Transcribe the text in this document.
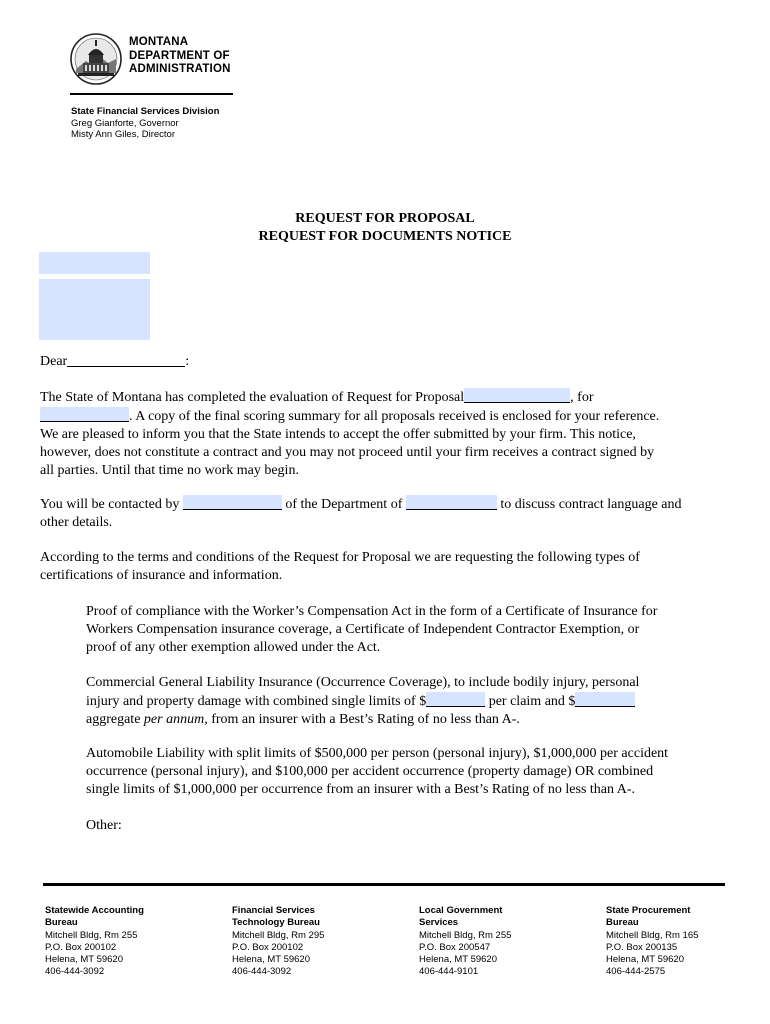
MONTANA
DEPARTMENT OF
ADMINISTRATION
State Financial Services Division
Greg Gianforte, Governor
Misty Ann Giles, Director
REQUEST FOR PROPOSAL
REQUEST FOR DOCUMENTS NOTICE

Dear	:

The State of Montana has completed the evaluation of Request for Proposal	, for
. A copy of the final scoring summary for all proposals received is enclosed for your reference.
We are pleased to inform you that the State intends to accept the offer submitted by your firm. This notice,
however, does not constitute a contract and you may not proceed until your firm receives a contract signed by
all parties. Until that time no work may begin.
You will be contacted by	of the Department of	to discuss contract language and
other details.
According to the terms and conditions of the Request for Proposal we are requesting the following types of
certifications of insurance and information.
Proof of compliance with the Worker’s Compensation Act in the form of a Certificate of Insurance for
Workers Compensation insurance coverage, a Certificate of Independent Contractor Exemption, or
proof of any other exemption allowed under the Act.
Commercial General Liability Insurance (Occurrence Coverage), to include bodily injury, personal
injury and property damage with combined single limits of $	per claim and $
aggregate per annum, from an insurer with a Best’s Rating of no less than A-.
Automobile Liability with split limits of $500,000 per person (personal injury), $1,000,000 per accident
occurrence (personal injury), and $100,000 per accident occurrence (property damage) OR combined
single limits of $1,000,000 per occurrence from an insurer with a Best’s Rating of no less than A-.
Other:
Statewide Accounting
Bureau
Mitchell Bldg, Rm 255
P.O. Box 200102
Helena, MT 59620
406-444-3092
Financial Services
Technology Bureau
Mitchell Bldg, Rm 295
P.O. Box 200102
Helena, MT 59620
406-444-3092
Local Government
Services
Mitchell Bldg, Rm 255
P.O. Box 200547
Helena, MT 59620
406-444-9101
State Procurement
Bureau
Mitchell Bldg, Rm 165
P.O. Box 200135
Helena, MT 59620
406-444-2575
